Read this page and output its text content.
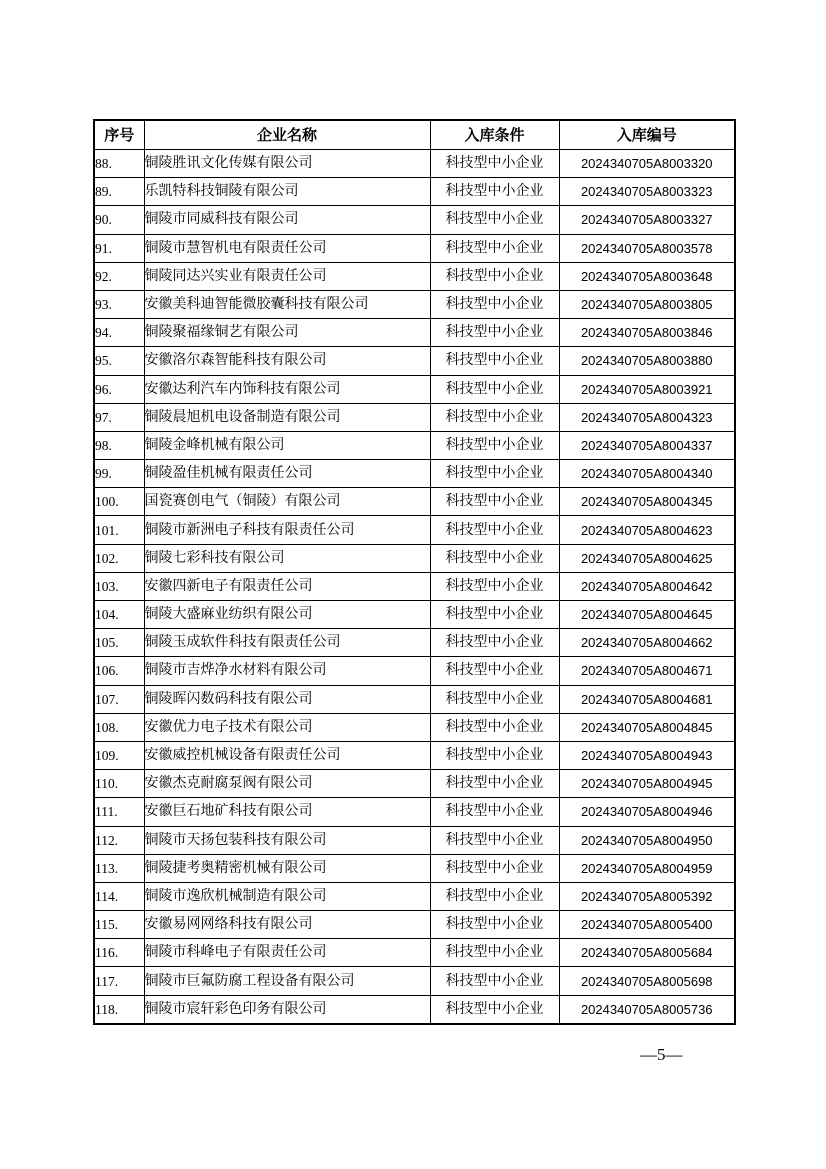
序号	企业名称	入库条件	入库编号
88.	铜陵胜讯文化传媒有限公司	科技型中小企业	2024340705A8003320
89.	乐凯特科技铜陵有限公司	科技型中小企业	2024340705A8003323
90.	铜陵市同威科技有限公司	科技型中小企业	2024340705A8003327
91.	铜陵市慧智机电有限责任公司	科技型中小企业	2024340705A8003578
92.	铜陵同达兴实业有限责任公司	科技型中小企业	2024340705A8003648
93.	安徽美科迪智能微胶囊科技有限公司	科技型中小企业	2024340705A8003805
94.	铜陵聚福缘铜艺有限公司	科技型中小企业	2024340705A8003846
95.	安徽洛尔森智能科技有限公司	科技型中小企业	2024340705A8003880
96.	安徽达利汽车内饰科技有限公司	科技型中小企业	2024340705A8003921
97.	铜陵晨旭机电设备制造有限公司	科技型中小企业	2024340705A8004323
98.	铜陵金峰机械有限公司	科技型中小企业	2024340705A8004337
99.	铜陵盈佳机械有限责任公司	科技型中小企业	2024340705A8004340
100.	国瓷赛创电气（铜陵）有限公司	科技型中小企业	2024340705A8004345
101.	铜陵市新洲电子科技有限责任公司	科技型中小企业	2024340705A8004623
102.	铜陵七彩科技有限公司	科技型中小企业	2024340705A8004625
103.	安徽四新电子有限责任公司	科技型中小企业	2024340705A8004642
104.	铜陵大盛麻业纺织有限公司	科技型中小企业	2024340705A8004645
105.	铜陵玉成软件科技有限责任公司	科技型中小企业	2024340705A8004662
106.	铜陵市吉烨净水材料有限公司	科技型中小企业	2024340705A8004671
107.	铜陵晖闪数码科技有限公司	科技型中小企业	2024340705A8004681
108.	安徽优力电子技术有限公司	科技型中小企业	2024340705A8004845
109.	安徽威控机械设备有限责任公司	科技型中小企业	2024340705A8004943
110.	安徽杰克耐腐泵阀有限公司	科技型中小企业	2024340705A8004945
111.	安徽巨石地矿科技有限公司	科技型中小企业	2024340705A8004946
112.	铜陵市天扬包装科技有限公司	科技型中小企业	2024340705A8004950
113.	铜陵捷考奥精密机械有限公司	科技型中小企业	2024340705A8004959
114.	铜陵市逸欣机械制造有限公司	科技型中小企业	2024340705A8005392
115.	安徽易网网络科技有限公司	科技型中小企业	2024340705A8005400
116.	铜陵市科峰电子有限责任公司	科技型中小企业	2024340705A8005684
117.	铜陵市巨氟防腐工程设备有限公司	科技型中小企业	2024340705A8005698
118.	铜陵市宸轩彩色印务有限公司	科技型中小企业	2024340705A8005736
—5—
